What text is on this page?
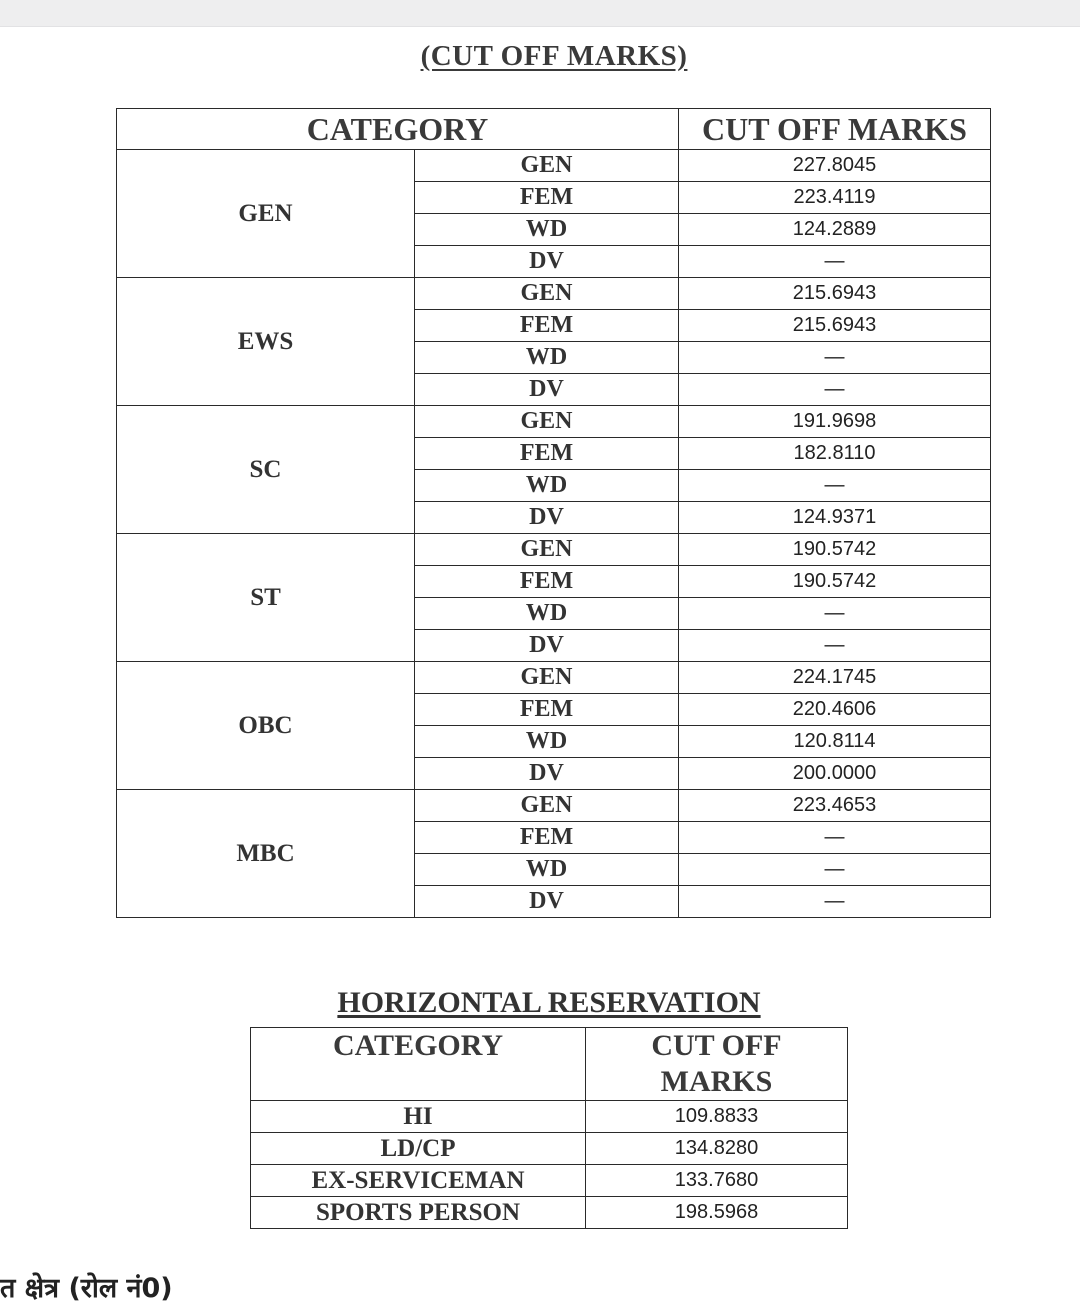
(CUT OFF MARKS)
CATEGORY		CUT OFF MARKS
GEN	GEN	227.8045
	FEM	223.4119
	WD	124.2889
	DV	—
EWS	GEN	215.6943
	FEM	215.6943
	WD	—
	DV	—
SC	GEN	191.9698
	FEM	182.8110
	WD	—
	DV	124.9371
ST	GEN	190.5742
	FEM	190.5742
	WD	—
	DV	—
OBC	GEN	224.1745
	FEM	220.4606
	WD	120.8114
	DV	200.0000
MBC	GEN	223.4653
	FEM	—
	WD	—
	DV	—
HORIZONTAL RESERVATION
CATEGORY	CUT OFF
MARKS

HI	109.8833
LD/CP	134.8280
EX-SERVICEMAN	133.7680
SPORTS PERSON	198.5968
त क्षेत्र (रोल नं0)
